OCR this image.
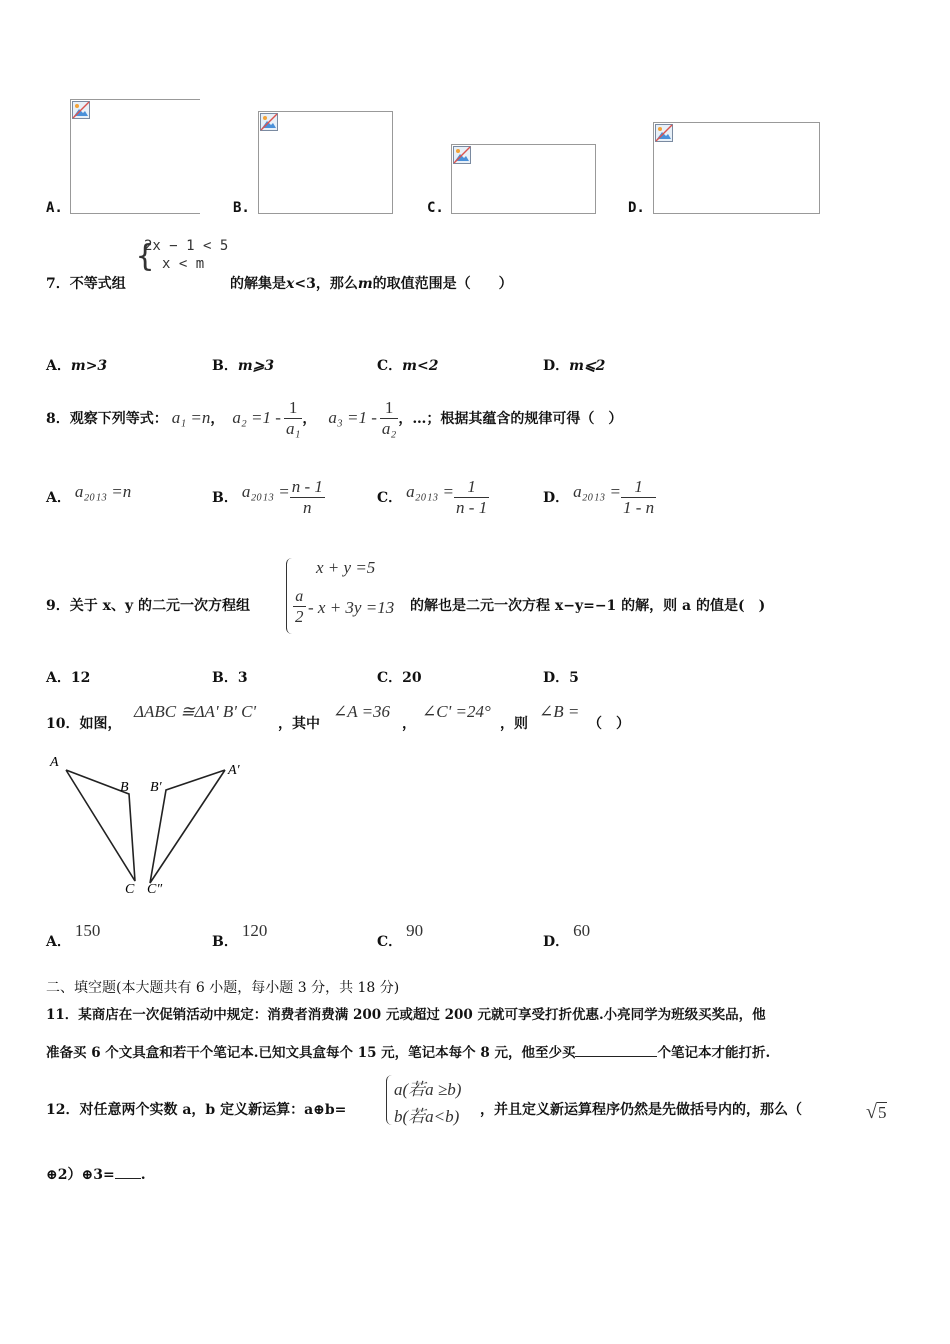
A.	B.	C.	D.
7．不等式组
{
2x − 1 < 5
x < m
的解集是x<3，那么m的取值范围是（　　）
A．m>3	B．m⩾3	C．m<2	D．m⩽2
8． 观察下列等式： a₁ =n ， $a_2 =1 - \frac{1}{\text{a₁}}$ ， $a_3 =1 - \frac{1}{\text{a₂}}$ ，…；根据其蕴含的规律可得（　）
A． a₂₀₁₃ =n	B． $a_{2013} = \frac{n - 1}{n}$	C． $a_{2013} = \frac{1}{n - 1}$	D． $a_{2013} = \frac{1}{1 - n}$
9．关于 x、y 的二元一次方程组
x + y =5
$\frac{a}{2} - x + 3y =13$ 的解也是二元一次方程 x−y=−1 的解，则 a 的值是(　)
A．12	B．3	C．20	D．5
10．如图，
ΔABC ≅ΔA' B' C'
，其中
∠A =36
，
∠C' =24°
，则
∠B =
（　）
A
B
C
B′
A′
C″
A．150
B．120
C．90
D．60
二、填空题(本大题共有 6 小题，每小题 3 分，共 18 分)
11．某商店在一次促销活动中规定：消费者消费满 200 元或超过 200 元就可享受打折优惠.小亮同学为班级买奖品，他
准备买 6 个文具盒和若干个笔记本.已知文具盒每个 15 元，笔记本每个 8 元，他至少买	个笔记本才能打折.
12．对任意两个实数 a，b 定义新运算：a⊕b=
a(若a ≥b)
b(若a<b) ，并且定义新运算程序仍然是先做括号内的，那么（	√5
⊕2）⊕3= .
